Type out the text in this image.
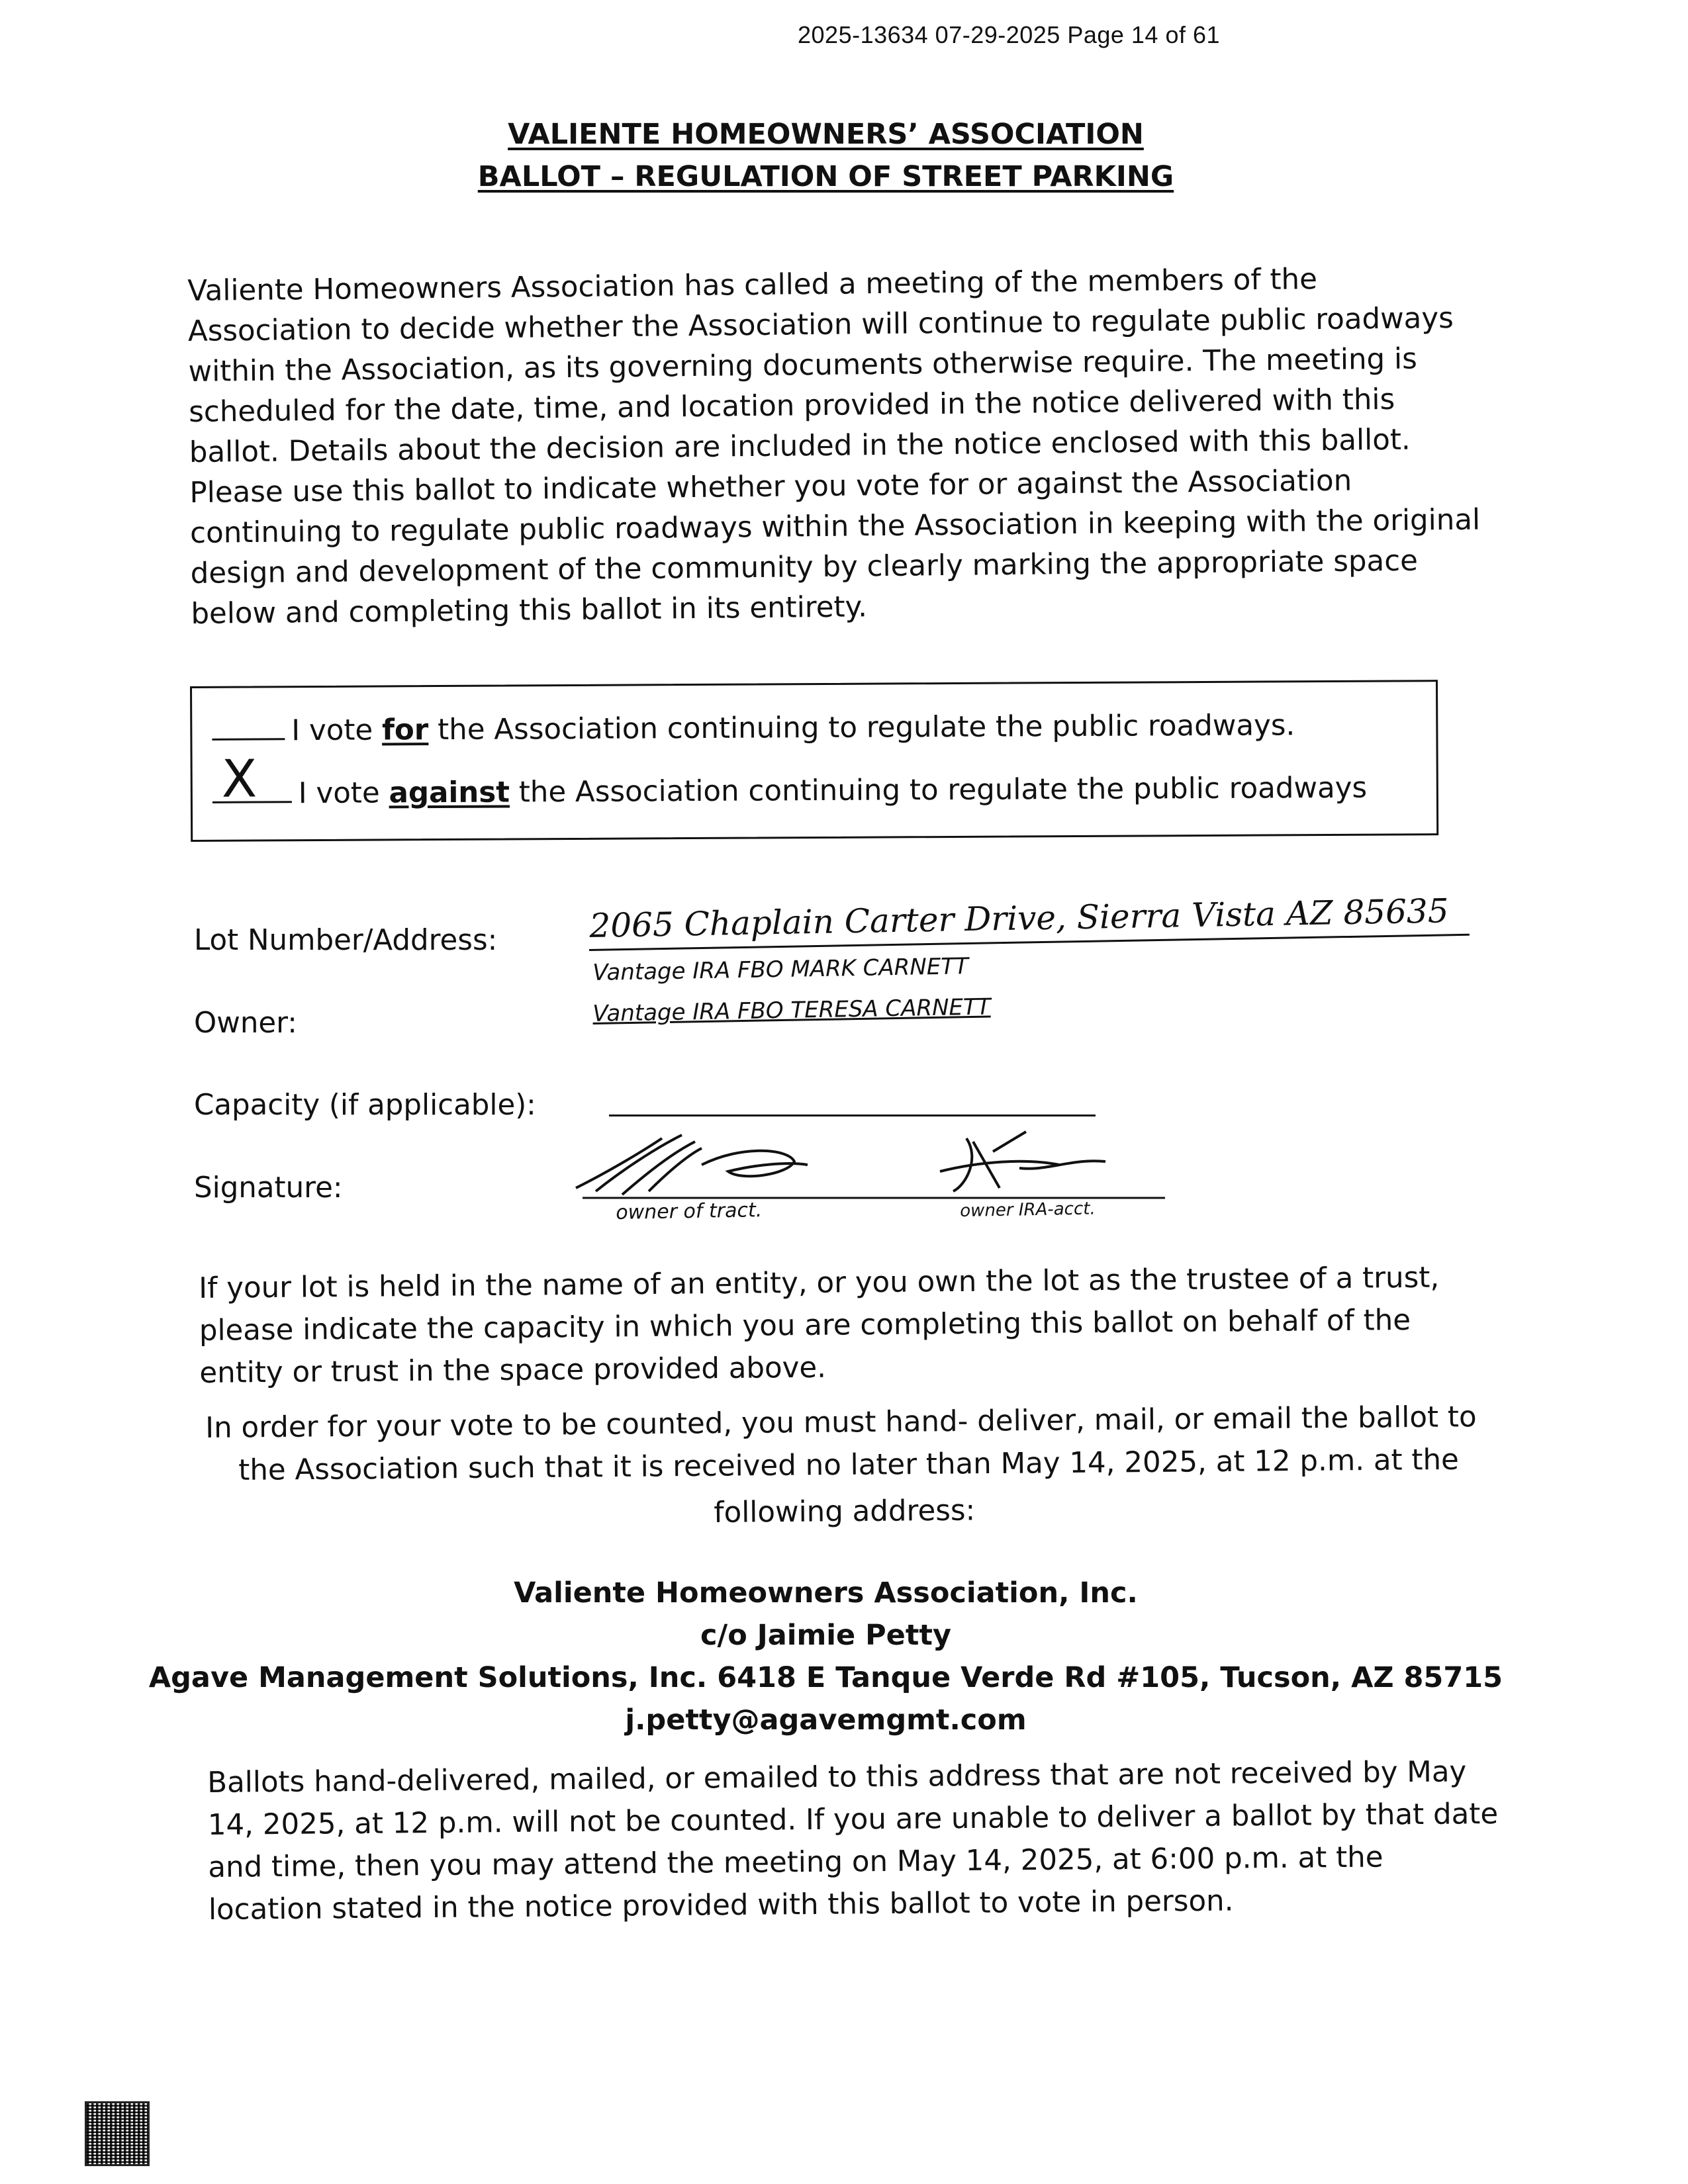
2025-13634 07-29-2025 Page 14 of 61
VALIENTE HOMEOWNERS’ ASSOCIATION
BALLOT – REGULATION OF STREET PARKING
Valiente Homeowners Association has called a meeting of the members of the Association to decide whether the Association will continue to regulate public roadways within the Association, as its governing documents otherwise require. The meeting is scheduled for the date, time, and location provided in the notice delivered with this ballot. Details about the decision are included in the notice enclosed with this ballot. Please use this ballot to indicate whether you vote for or against the Association continuing to regulate public roadways within the Association in keeping with the original design and development of the community by clearly marking the appropriate space below and completing this ballot in its entirety.
I vote for the Association continuing to regulate the public roadways.
X I vote against the Association continuing to regulate the public roadways
Lot Number/Address:	2065 Chaplain Carter Drive, Sierra Vista AZ 85635
Vantage IRA FBO MARK CARNETT
Owner:	Vantage IRA FBO TERESA CARNETT
Capacity (if applicable):
Signature:
owner of tract.	owner IRA-acct.
If your lot is held in the name of an entity, or you own the lot as the trustee of a trust, please indicate the capacity in which you are completing this ballot on behalf of the entity or trust in the space provided above.
In order for your vote to be counted, you must hand- deliver, mail, or email the ballot to
the Association such that it is received no later than May 14, 2025, at 12 p.m. at the
following address:
Valiente Homeowners Association, Inc.
c/o Jaimie Petty
Agave Management Solutions, Inc. 6418 E Tanque Verde Rd #105, Tucson, AZ 85715
j.petty@agavemgmt.com
Ballots hand-delivered, mailed, or emailed to this address that are not received by May 14, 2025, at 12 p.m. will not be counted. If you are unable to deliver a ballot by that date and time, then you may attend the meeting on May 14, 2025, at 6:00 p.m. at the location stated in the notice provided with this ballot to vote in person.
